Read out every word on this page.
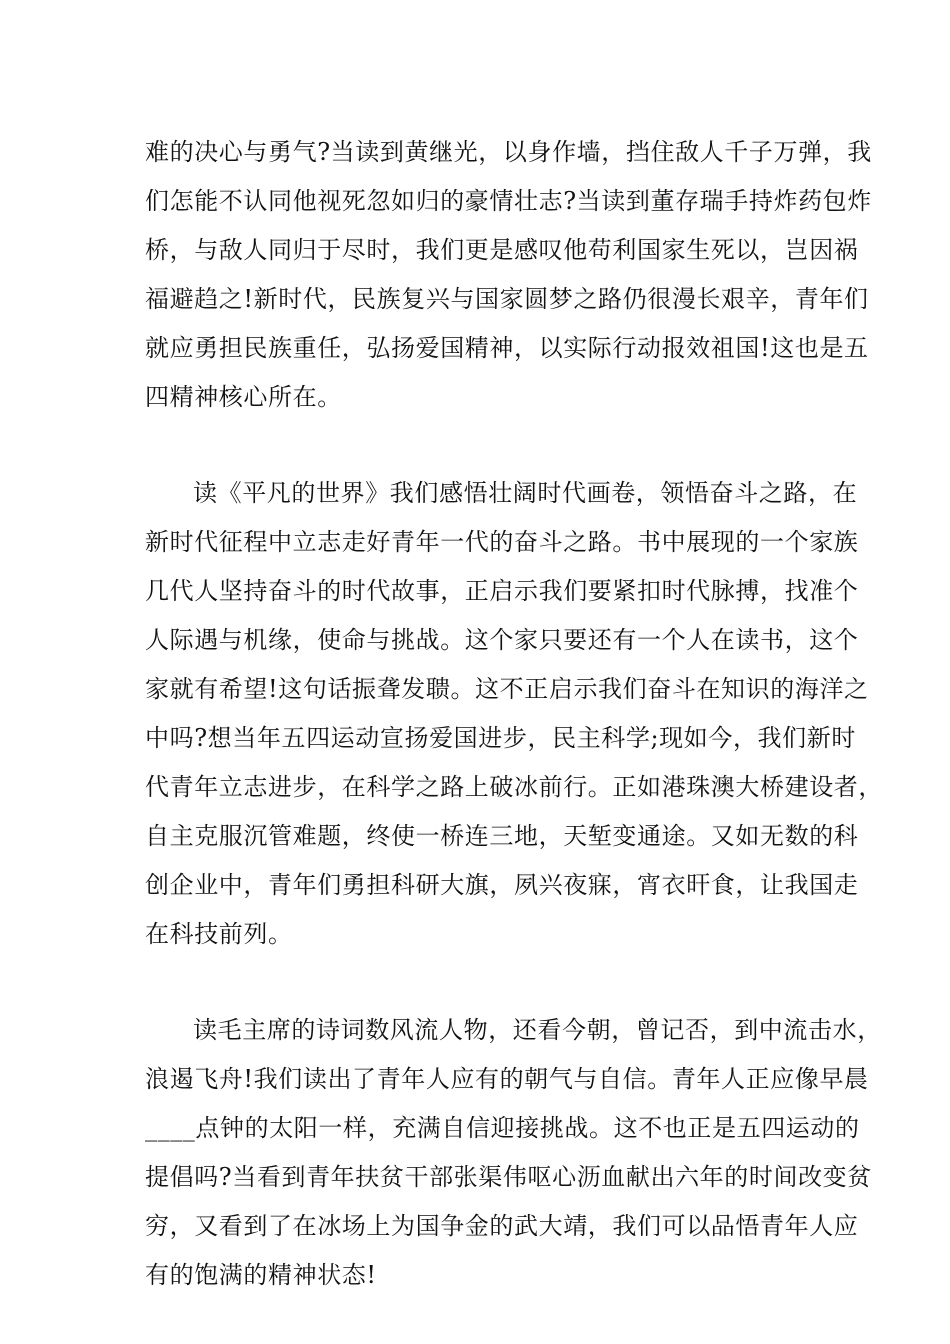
难的决心与勇气?当读到黄继光，以身作墙，挡住敌人千子万弹，我
们怎能不认同他视死忽如归的豪情壮志?当读到董存瑞手持炸药包炸
桥，与敌人同归于尽时，我们更是感叹他苟利国家生死以，岂因祸
福避趋之!新时代，民族复兴与国家圆梦之路仍很漫长艰辛，青年们
就应勇担民族重任，弘扬爱国精神，以实际行动报效祖国!这也是五
四精神核心所在。
读《平凡的世界》我们感悟壮阔时代画卷，领悟奋斗之路，在
新时代征程中立志走好青年一代的奋斗之路。书中展现的一个家族
几代人坚持奋斗的时代故事，正启示我们要紧扣时代脉搏，找准个
人际遇与机缘，使命与挑战。这个家只要还有一个人在读书，这个
家就有希望!这句话振聋发聩。这不正启示我们奋斗在知识的海洋之
中吗?想当年五四运动宣扬爱国进步，民主科学;现如今，我们新时
代青年立志进步，在科学之路上破冰前行。正如港珠澳大桥建设者，
自主克服沉管难题，终使一桥连三地，天堑变通途。又如无数的科
创企业中，青年们勇担科研大旗，夙兴夜寐，宵衣旰食，让我国走
在科技前列。
读毛主席的诗词数风流人物，还看今朝，曾记否，到中流击水，
浪遏飞舟!我们读出了青年人应有的朝气与自信。青年人正应像早晨
____点钟的太阳一样，充满自信迎接挑战。这不也正是五四运动的
提倡吗?当看到青年扶贫干部张渠伟呕心沥血献出六年的时间改变贫
穷，又看到了在冰场上为国争金的武大靖，我们可以品悟青年人应
有的饱满的精神状态!
